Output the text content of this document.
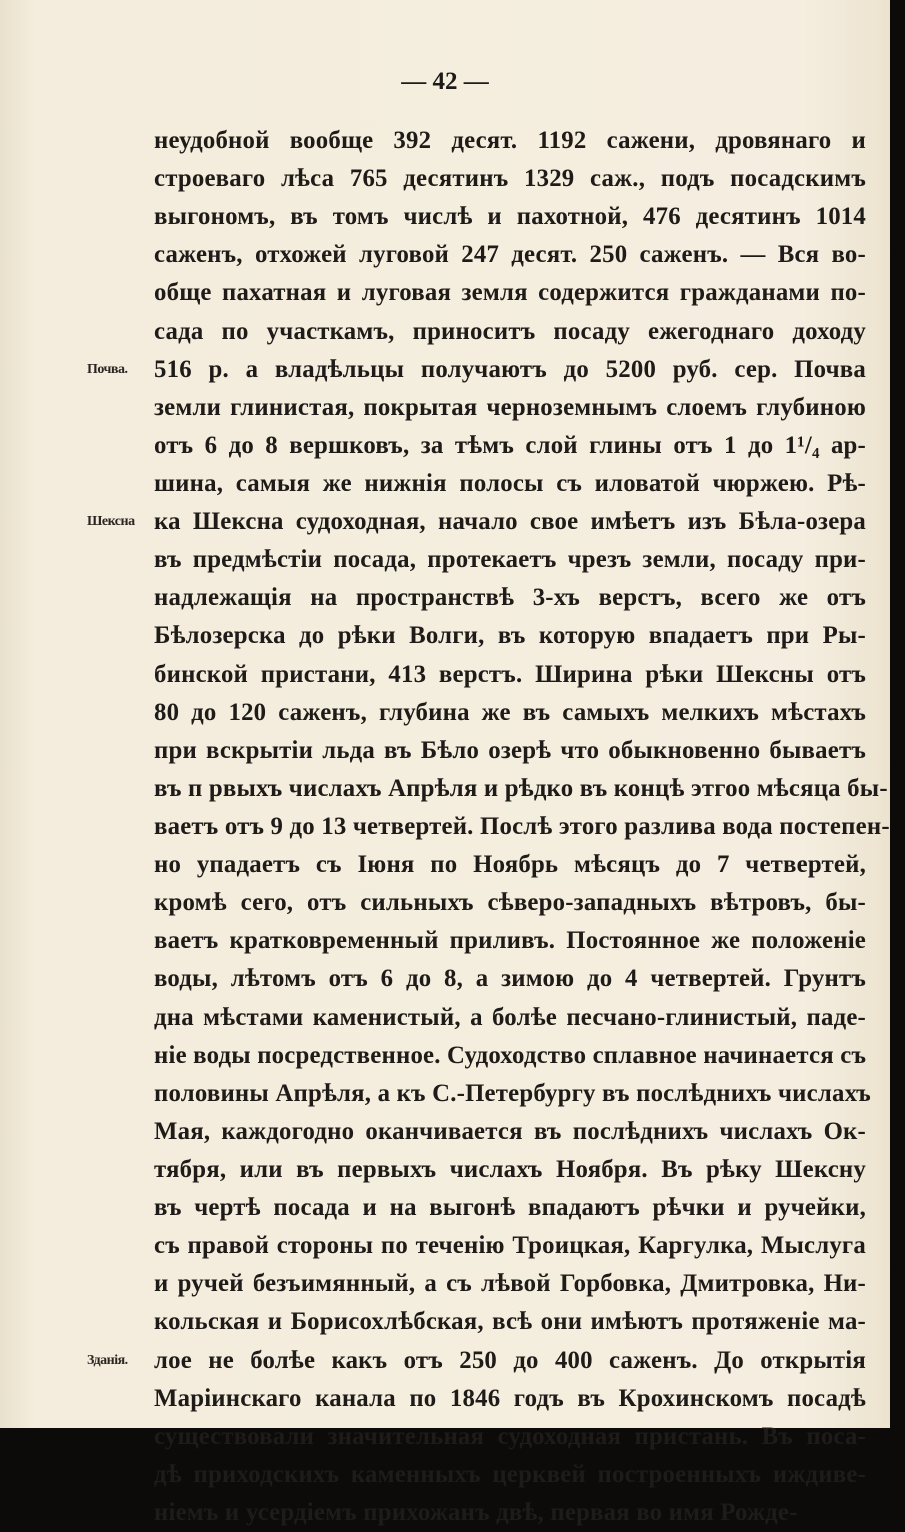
— 42 —
неудобной вообще 392 десят. 1192 сажени, дровянаго и
строеваго лѣса 765 десятинъ 1329 саж., подъ посадскимъ
выгономъ, въ томъ числѣ и пахотной, 476 десятинъ 1014
саженъ, отхожей луговой 247 десят. 250 саженъ. — Вся во-
обще пахатная и луговая земля содержится гражданами по-
сада по участкамъ, приноситъ посаду ежегоднаго доходу
516 р. а владѣльцы получаютъ до 5200 руб. сер. Почва
земли глинистая, покрытая черноземнымъ слоемъ глубиною
отъ 6 до 8 вершковъ, за тѣмъ слой глины отъ 1 до 1¹/₄ ар-
шина, самыя же нижнія полосы съ иловатой чюржею. Рѣ-
ка Шексна судоходная, начало свое имѣетъ изъ Бѣла-озера
въ предмѣстіи посада, протекаетъ чрезъ земли, посаду при-
надлежащія на пространствѣ 3-хъ верстъ, всего же отъ
Бѣлозерска до рѣки Волги, въ которую впадаетъ при Ры-
бинской пристани, 413 верстъ. Ширина рѣки Шексны отъ
80 до 120 саженъ, глубина же въ самыхъ мелкихъ мѣстахъ
при вскрытіи льда въ Бѣло озерѣ что обыкновенно бываетъ
въ п рвыхъ числахъ Апрѣля и рѣдко въ концѣ этгоо мѣсяца бы-
ваетъ отъ 9 до 13 четвертей. Послѣ этого разлива вода постепен-
но упадаетъ съ Іюня по Ноябрь мѣсяцъ до 7 четвертей,
кромѣ сего, отъ сильныхъ сѣверо-западныхъ вѣтровъ, бы-
ваетъ кратковременный приливъ. Постоянное же положеніе
воды, лѣтомъ отъ 6 до 8, а зимою до 4 четвертей. Грунтъ
дна мѣстами каменистый, а болѣе песчано-глинистый, паде-
ніе воды посредственное. Судоходство сплавное начинается съ
половины Апрѣля, а къ С.-Петербургу въ послѣднихъ числахъ
Мая, каждогодно оканчивается въ послѣднихъ числахъ Ок-
тября, или въ первыхъ числахъ Ноября. Въ рѣку Шексну
въ чертѣ посада и на выгонѣ впадаютъ рѣчки и ручейки,
съ правой стороны по теченію Троицкая, Каргулка, Мыслуга
и ручей безъимянный, а съ лѣвой Горбовка, Дмитровка, Ни-
кольская и Борисохлѣбская, всѣ они имѣютъ протяженіе ма-
лое не болѣе какъ отъ 250 до 400 саженъ. До открытія
Маріинскаго канала по 1846 годъ въ Крохинскомъ посадѣ
существовали значительная судоходная пристань. Въ поса-
дѣ приходскихъ каменныхъ церквей построенныхъ иждиве-
ніемъ и усердіемъ прихожанъ двѣ, первая во имя Рожде-
Почва.
Шексна
Зданія.
